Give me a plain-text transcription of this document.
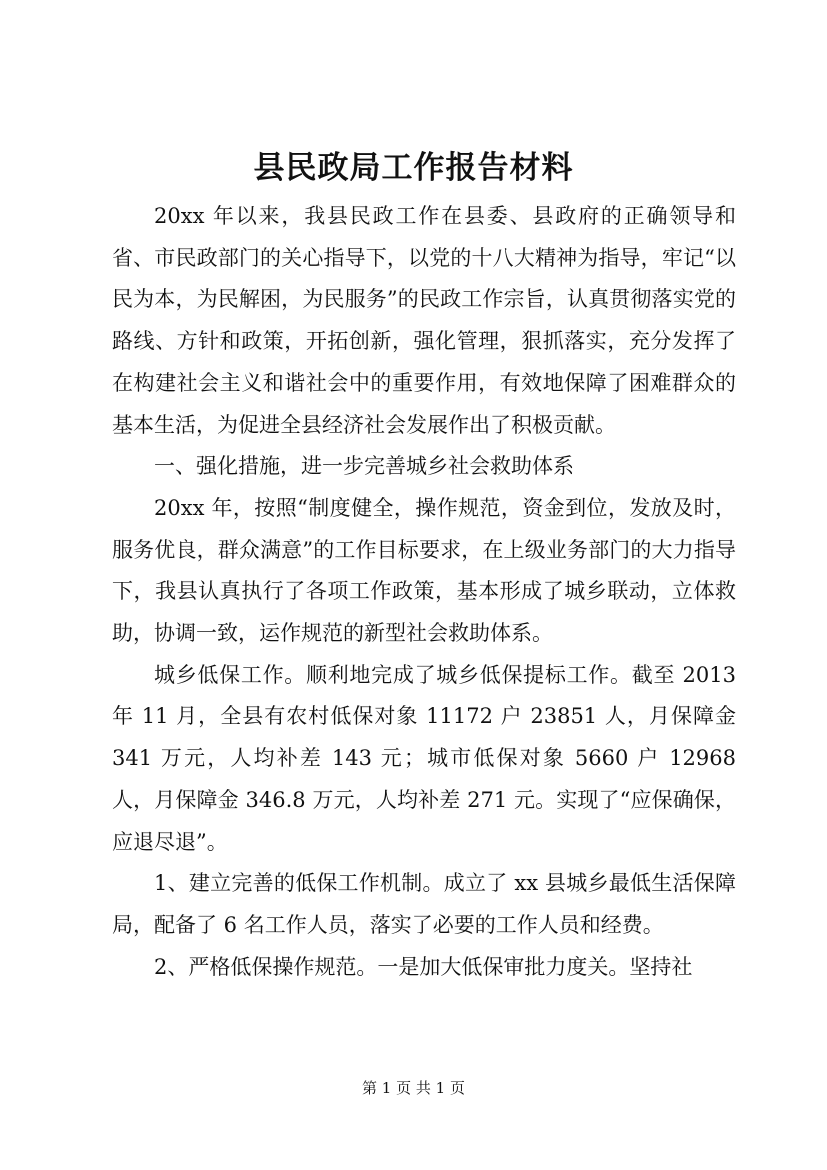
县民政局工作报告材料

20xx 年以来，我县民政工作在县委、县政府的正确领导和省、市民政部门的关心指导下，以党的十八大精神为指导，牢记“以民为本，为民解困，为民服务”的民政工作宗旨，认真贯彻落实党的路线、方针和政策，开拓创新，强化管理，狠抓落实，充分发挥了在构建社会主义和谐社会中的重要作用，有效地保障了困难群众的基本生活，为促进全县经济社会发展作出了积极贡献。

一、强化措施，进一步完善城乡社会救助体系

20xx 年，按照“制度健全，操作规范，资金到位，发放及时，服务优良，群众满意”的工作目标要求，在上级业务部门的大力指导下，我县认真执行了各项工作政策，基本形成了城乡联动，立体救助，协调一致，运作规范的新型社会救助体系。

城乡低保工作。顺利地完成了城乡低保提标工作。截至 2013 年 11 月，全县有农村低保对象 11172 户 23851 人，月保障金 341 万元，人均补差 143 元；城市低保对象 5660 户 12968 人，月保障金 346.8 万元，人均补差 271 元。实现了“应保确保，应退尽退”。

1、建立完善的低保工作机制。成立了 xx 县城乡最低生活保障局，配备了 6 名工作人员，落实了必要的工作人员和经费。

2、严格低保操作规范。一是加大低保审批力度关。坚持社

第 1 页 共 1 页
